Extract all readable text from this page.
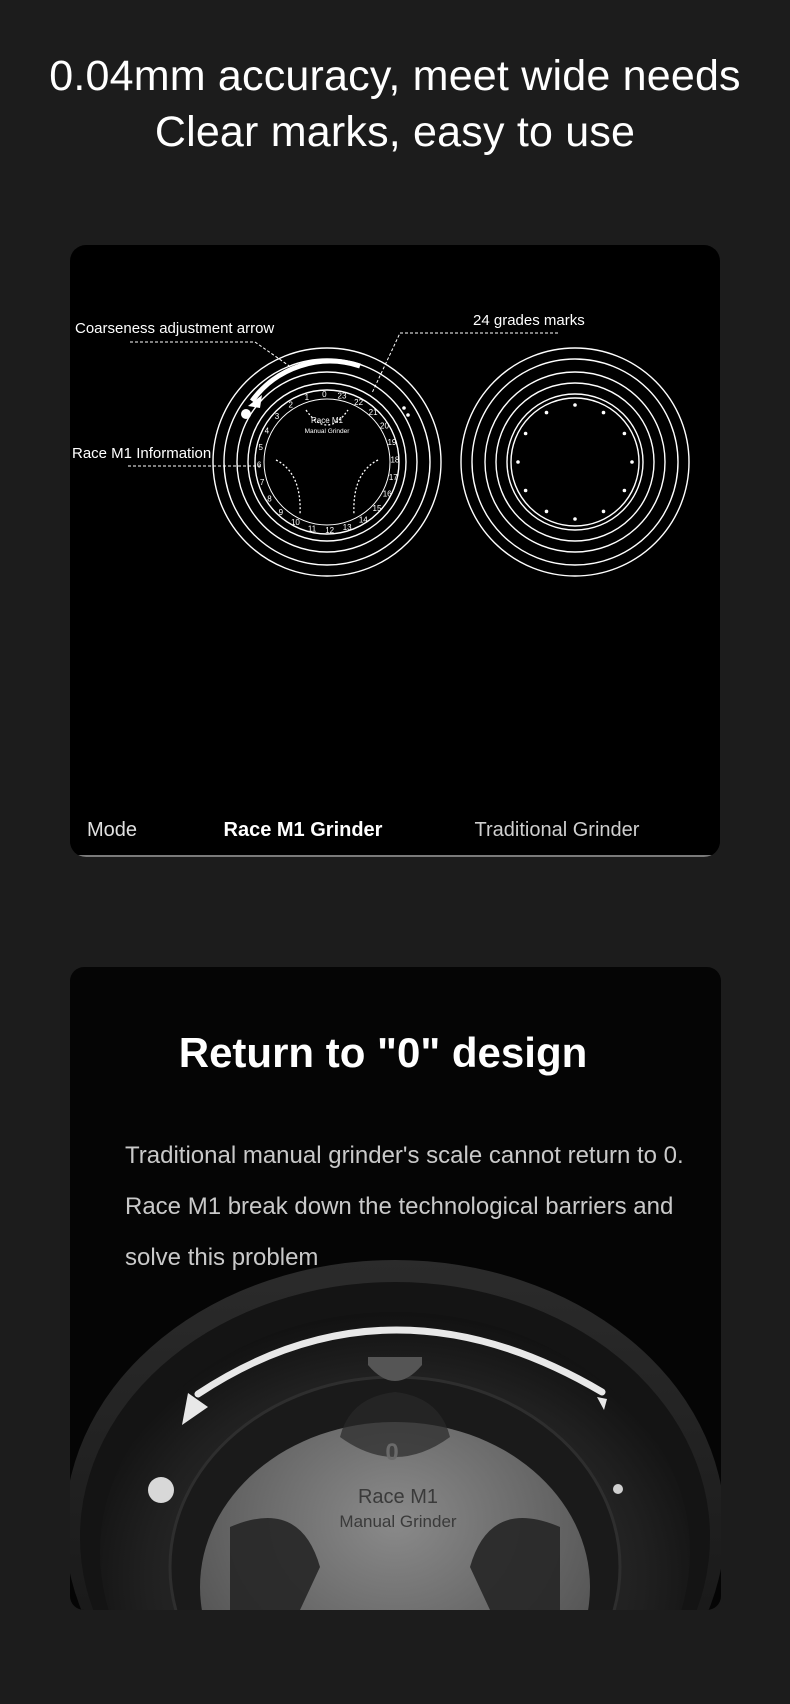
0.04mm accuracy, meet wide needs
Clear marks, easy to use
Race M1
Manual Grinder
0 23
22
21
20
19
18
17
16
15
14
13
12
11
10
9
8
7
6
5
4
3
2
1
Coarseness adjustment arrow	24 grades marks
Race M1 Information
Mode	Race M1 Grinder	Traditional Grinder
0
Race M1
Manual Grinder
Return to "0" design
Traditional manual grinder's scale cannot return to 0.
Race M1 break down the technological barriers and
solve this problem
